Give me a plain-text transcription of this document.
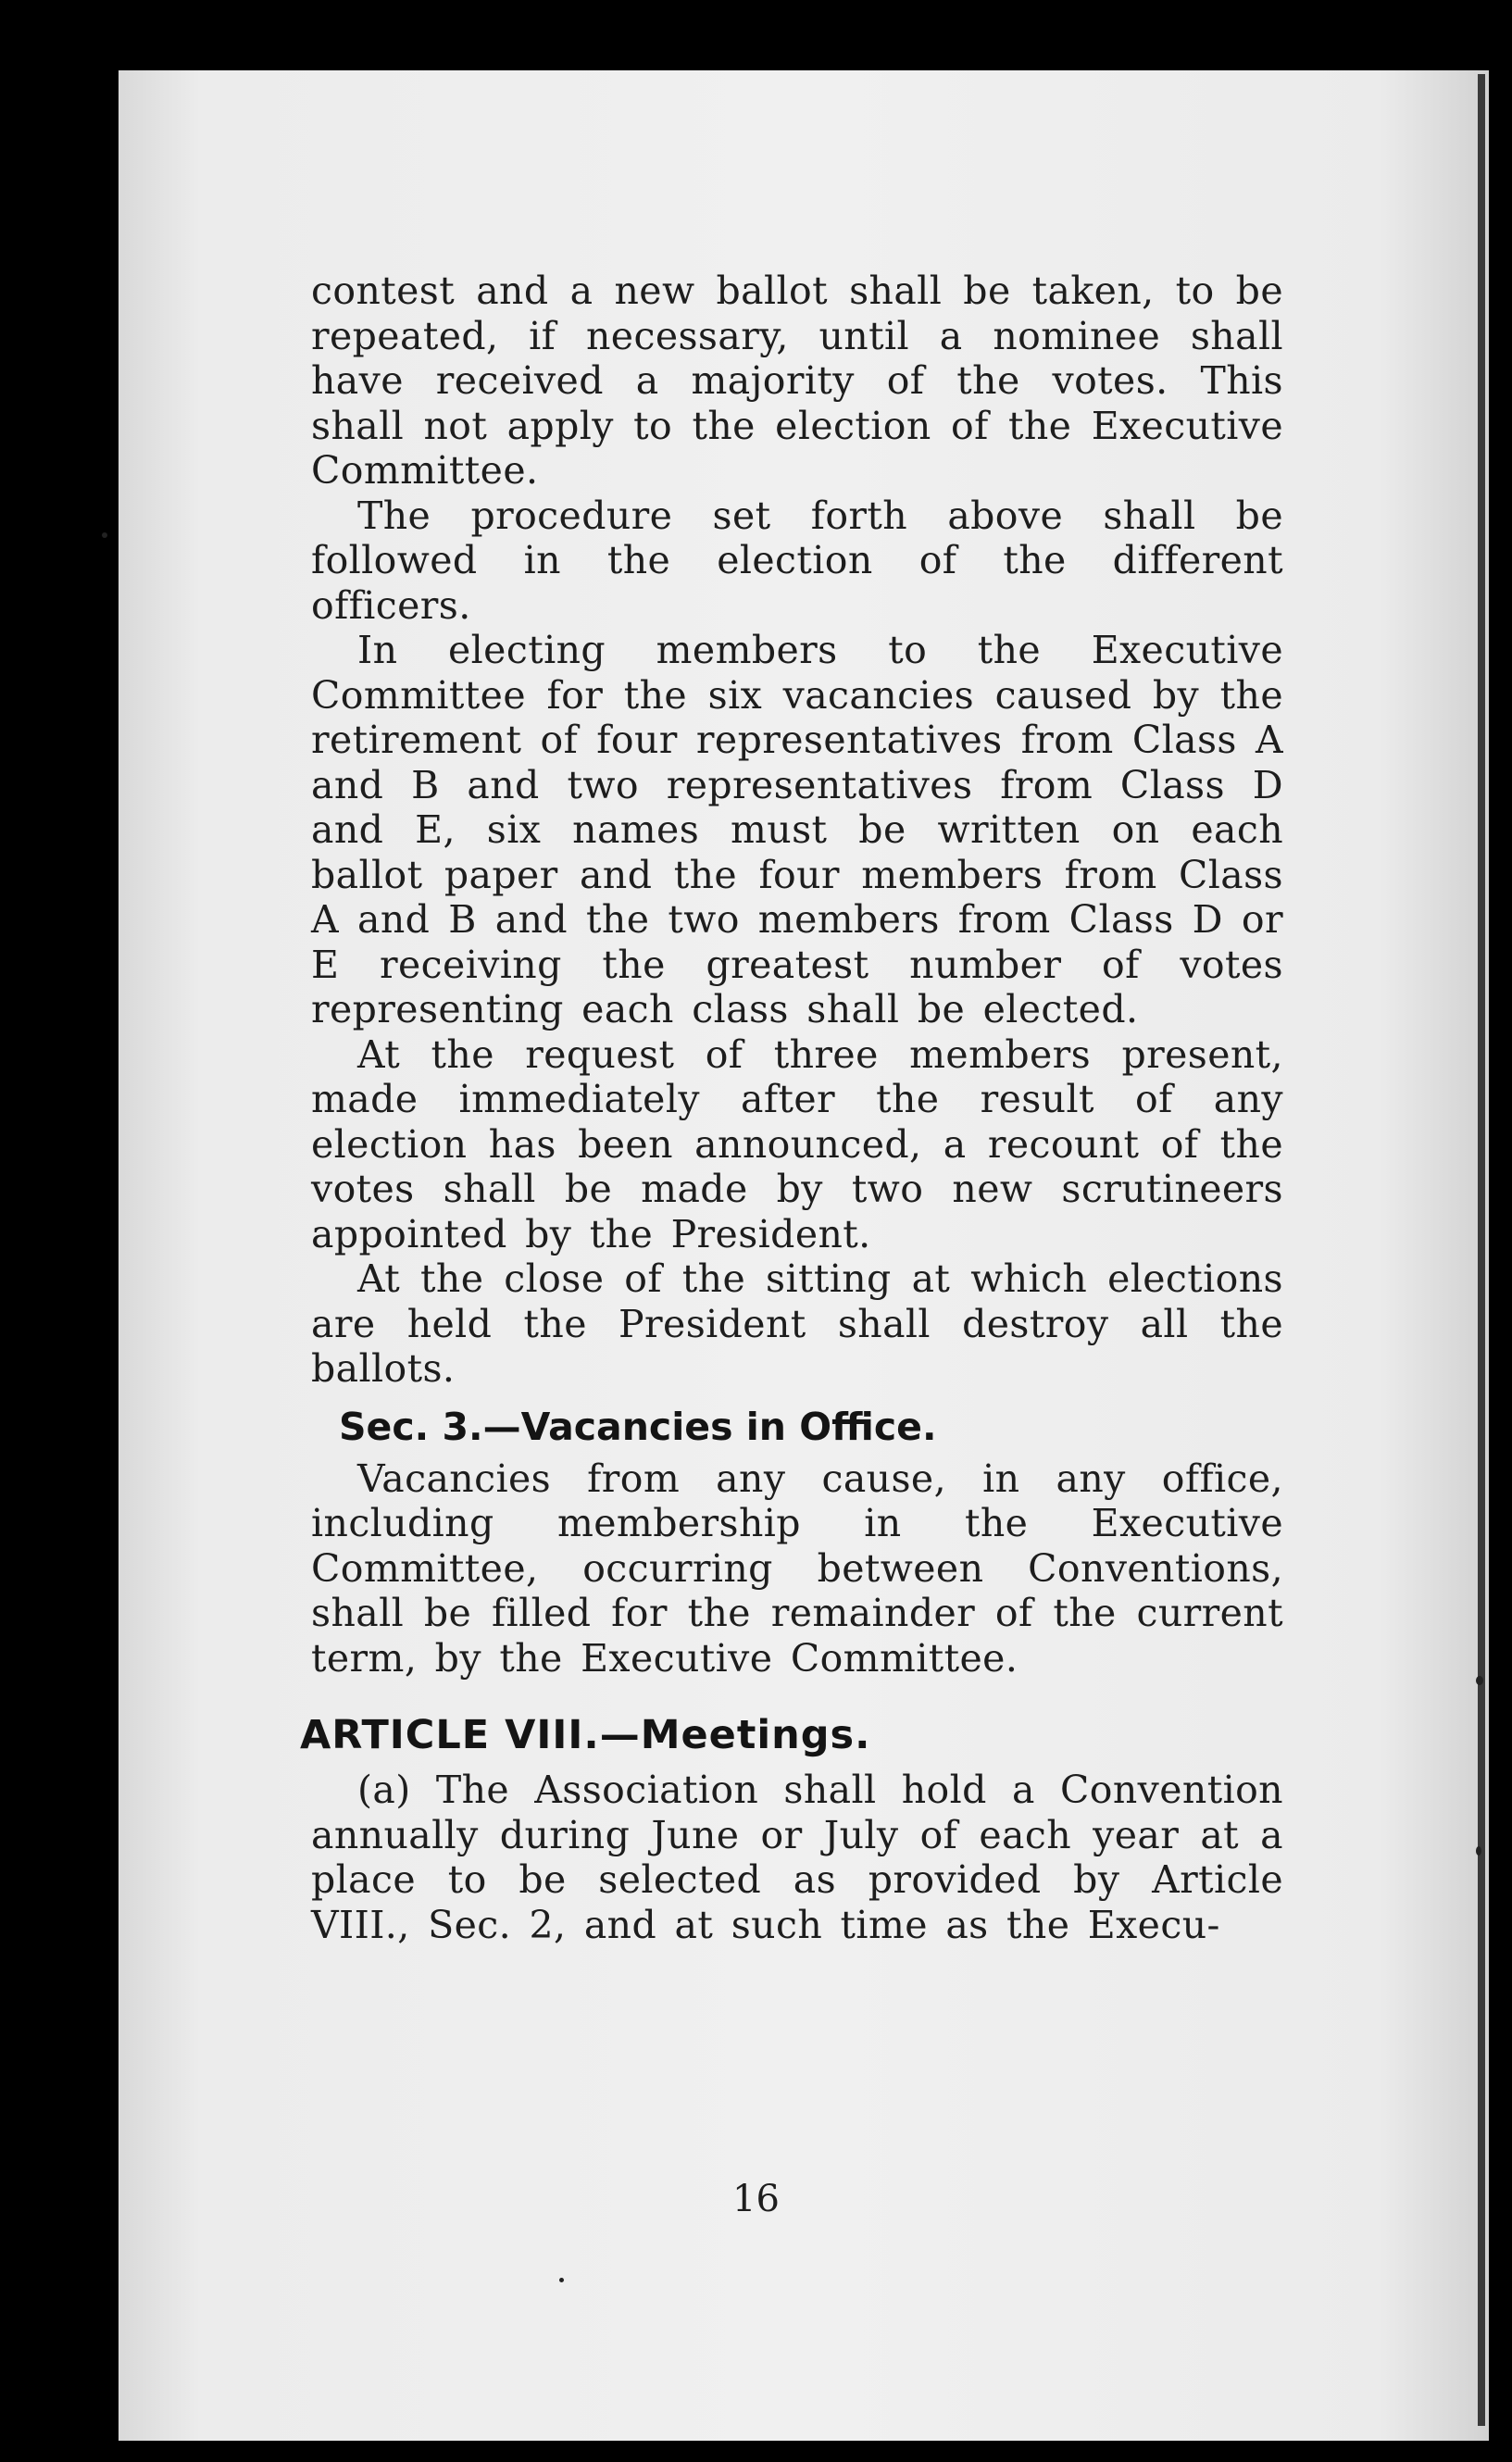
contest and a new ballot shall be taken, to be repeated, if necessary, until a nominee shall have received a majority of the votes. This shall not apply to the election of the Executive Committee.

The procedure set forth above shall be followed in the election of the different officers.

In electing members to the Executive Committee for the six vacancies caused by the retirement of four representatives from Class A and B and two representatives from Class D and E, six names must be written on each ballot paper and the four members from Class A and B and the two members from Class D or E receiving the greatest number of votes representing each class shall be elected.

At the request of three members present, made immediately after the result of any election has been announced, a recount of the votes shall be made by two new scrutineers appointed by the President.

At the close of the sitting at which elections are held the President shall destroy all the ballots.

Sec. 3.—Vacancies in Office.

Vacancies from any cause, in any office, including membership in the Executive Committee, occurring between Conventions, shall be filled for the remainder of the current term, by the Executive Committee.

ARTICLE VIII.—Meetings.

(a) The Association shall hold a Convention annually during June or July of each year at a place to be selected as provided by Article VIII., Sec. 2, and at such time as the Execu-

16
